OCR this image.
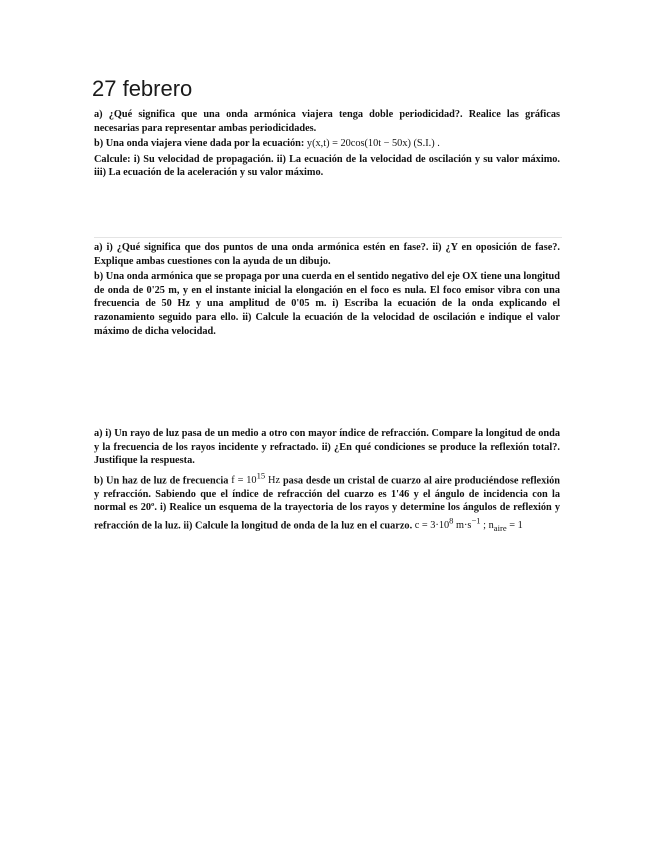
27 febrero

a) ¿Qué significa que una onda armónica viajera tenga doble periodicidad?. Realice las gráficas necesarias para representar ambas periodicidades.

b) Una onda viajera viene dada por la ecuación: y(x,t) = 20cos(10t − 50x) (S.I.) .

Calcule: i) Su velocidad de propagación. ii) La ecuación de la velocidad de oscilación y su valor máximo. iii) La ecuación de la aceleración y su valor máximo.

a) i) ¿Qué significa que dos puntos de una onda armónica estén en fase?. ii) ¿Y en oposición de fase?. Explique ambas cuestiones con la ayuda de un dibujo.

b) Una onda armónica que se propaga por una cuerda en el sentido negativo del eje OX tiene una longitud de onda de 0'25 m, y en el instante inicial la elongación en el foco es nula. El foco emisor vibra con una frecuencia de 50 Hz y una amplitud de 0'05 m. i) Escriba la ecuación de la onda explicando el razonamiento seguido para ello. ii) Calcule la ecuación de la velocidad de oscilación e indique el valor máximo de dicha velocidad.

a) i) Un rayo de luz pasa de un medio a otro con mayor índice de refracción. Compare la longitud de onda y la frecuencia de los rayos incidente y refractado. ii) ¿En qué condiciones se produce la reflexión total?. Justifique la respuesta.

b) Un haz de luz de frecuencia $f = 10^{15}$ Hz pasa desde un cristal de cuarzo al aire produciéndose reflexión y refracción. Sabiendo que el índice de refracción del cuarzo es 1'46 y el ángulo de incidencia con la normal es 20º. i) Realice un esquema de la trayectoria de los rayos y determine los ángulos de reflexión y refracción de la luz. ii) Calcule la longitud de onda de la luz en el cuarzo. $c = 3\cdot 10^8$ $m\cdot s^{-1}$ ; $n_{aire} = 1$
